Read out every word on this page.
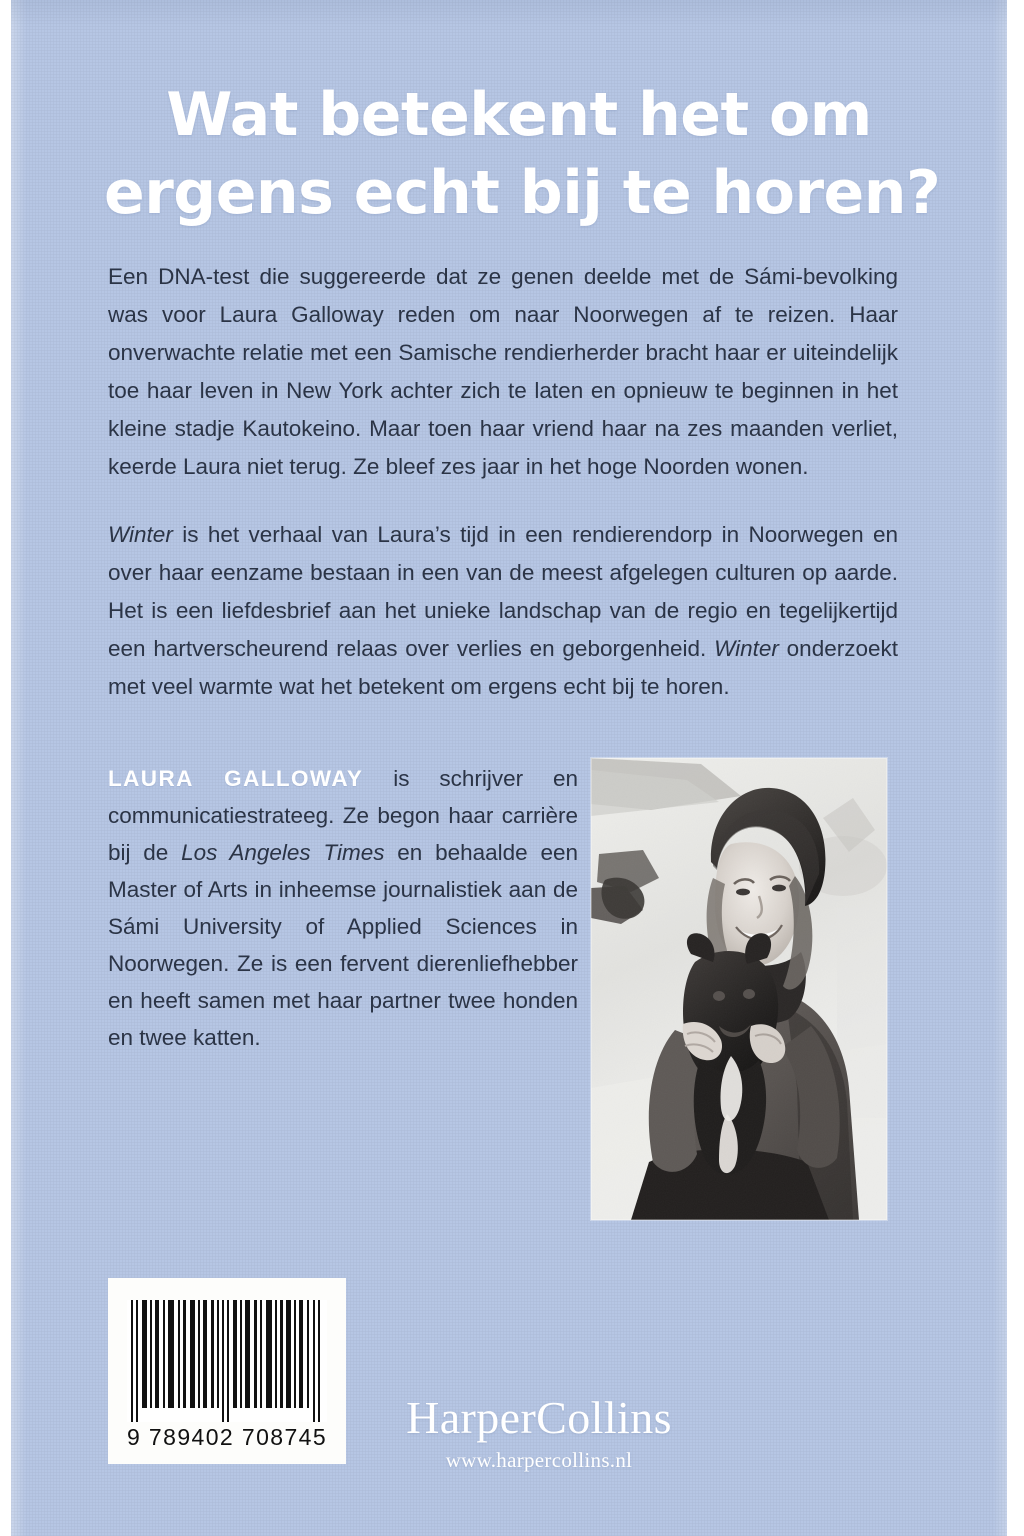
Wat betekent het om
ergens echt bij te horen?

Een DNA-test die suggereerde dat ze genen deelde met de Sámi-bevolking was voor Laura Galloway reden om naar Noorwegen af te reizen. Haar onverwachte relatie met een Samische rendierherder bracht haar er uiteindelijk toe haar leven in New York achter zich te laten en opnieuw te beginnen in het kleine stadje Kautokeino. Maar toen haar vriend haar na zes maanden verliet, keerde Laura niet terug. Ze bleef zes jaar in het hoge Noorden wonen.

Winter is het verhaal van Laura’s tijd in een rendierendorp in Noorwegen en over haar eenzame bestaan in een van de meest afgelegen culturen op aarde. Het is een liefdesbrief aan het unieke landschap van de regio en tegelijkertijd een hartverscheurend relaas over verlies en geborgenheid. Winter onderzoekt met veel warmte wat het betekent om ergens echt bij te horen.

LAURA GALLOWAY is schrijver en communicatiestrateeg. Ze begon haar carrière bij de Los Angeles Times en behaalde een Master of Arts in inheemse journalistiek aan de Sámi University of Applied Sciences in Noorwegen. Ze is een fervent dierenliefhebber en heeft samen met haar partner twee honden en twee katten.

9 789402 708745	HarperCollins
www.harpercollins.nl
